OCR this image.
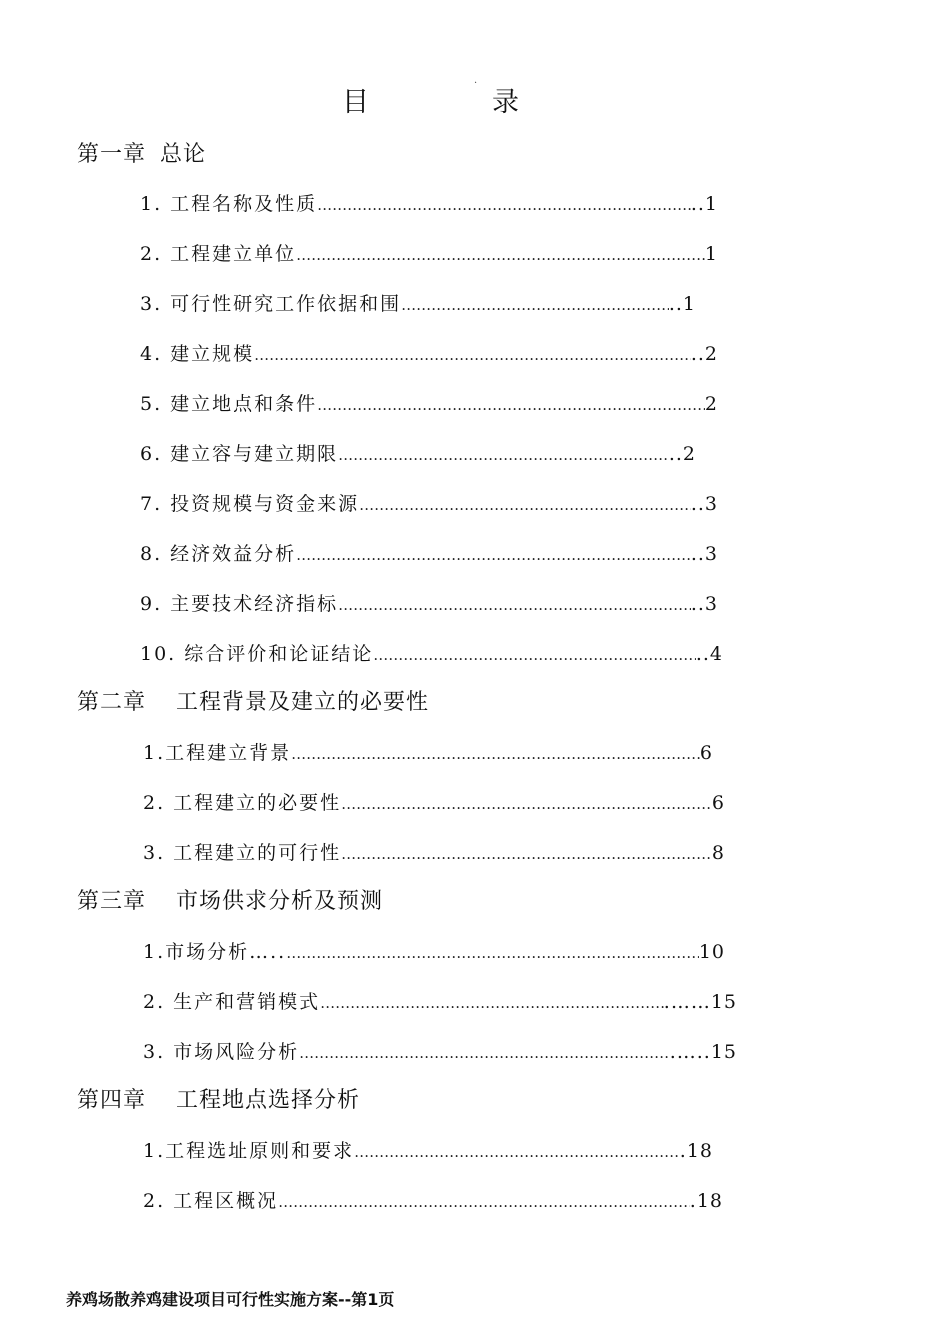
目
·
录
第一章 总论
1. 工程名称及性质 ………………………………………………………………………………………………………………………………………………	..1
2. 工程建立单位 ………………………………………………………………………………………………………………………………………………	1
3. 可行性研究工作依据和围 ………………………………………………………………………………………………………………………………………………	..1
4. 建立规模 ………………………………………………………………………………………………………………………………………………	..2
5. 建立地点和条件 ………………………………………………………………………………………………………………………………………………	2
6. 建立容与建立期限 ………………………………………………………………………………………………………………………………………………	..2
7. 投资规模与资金来源 ………………………………………………………………………………………………………………………………………………	..3
8. 经济效益分析 ………………………………………………………………………………………………………………………………………………	..3
9. 主要技术经济指标 ………………………………………………………………………………………………………………………………………………	..3
10. 综合评价和论证结论 ………………………………………………………………………………………………………………………………………………	..4
第二章 工程背景及建立的必要性
1.工程建立背景 ………………………………………………………………………………………………………………………………………………	6
2. 工程建立的必要性 ………………………………………………………………………………………………………………………………………………	6
3. 工程建立的可行性 ………………………………………………………………………………………………………………………………………………	8
第三章 市场供求分析及预测
1.市场分析….. ………………………………………………………………………………………………………………………………………………	10
2. 生产和营销模式 ………………………………………………………………………………………………………………………………………………	.……15
3. 市场风险分析 ………………………………………………………………………………………………………………………………………………	.…..15
第四章 工程地点选择分析
1.工程选址原则和要求 ………………………………………………………………………………………………………………………………………………	.18
2. 工程区概况 ………………………………………………………………………………………………………………………………………………	.18
养鸡场散养鸡建设项目可行性实施方案--第1页
